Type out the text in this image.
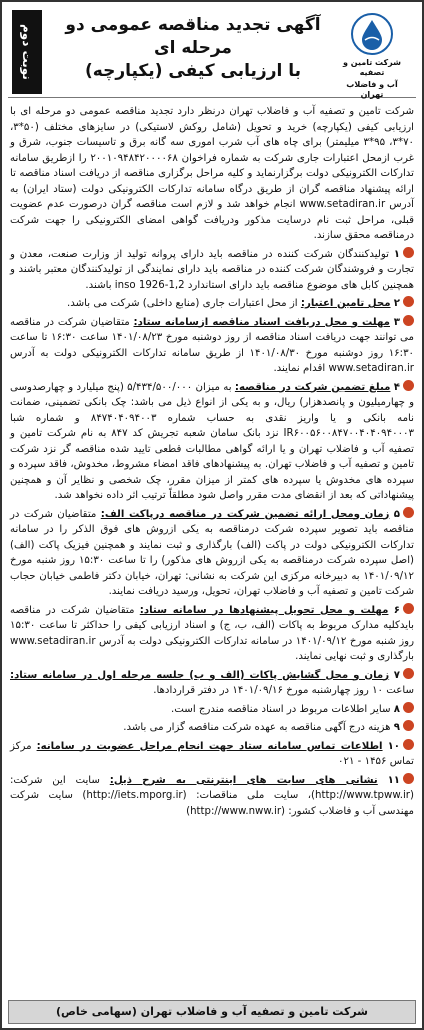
شرکت تامین و تصفیه
آب و فاضلاب تهران
آگهی تجدید مناقصه عمومی دو مرحله ای
با ارزیابی کیفی (یکپارچه)
نوبت دوم

شرکت تامین و تصفیه آب و فاضلاب تهران درنظر دارد تجدید مناقصه عمومی دو مرحله ای با ارزیابی کیفی (یکپارچه) خرید و تحویل (شامل روکش لاستیکی) در سایزهای مختلف (۵۰*۳، ۷۰*۳، ۹۵*۳ میلیمتر) برای چاه های آب شرب اموری سه گانه برق و تاسیسات جنوب، شرق و غرب ازمحل اعتبارات جاری شرکت به شماره فراخوان ۲۰۰۱۰۹۴۸۴۲۰۰۰۰۶۸ را ازطریق سامانه تدارکات الکترونیکی دولت برگزارنماید و کلیه مراحل برگزاری مناقصه از دریافت اسناد مناقصه تا ارائه پیشنهاد مناقصه گران از طریق درگاه سامانه تدارکات الکترونیکی دولت (ستاد ایران) به آدرس www.setadiran.ir انجام خواهد شد و لازم است مناقصه گران درصورت عدم عضویت قبلی، مراحل ثبت نام درسایت مذکور ودریافت گواهی امضای الکترونیکی را جهت شرکت درمناقصه محقق سازند.

۱ تولیدکنندگان شرکت کننده در مناقصه باید دارای پروانه تولید از وزارت صنعت، معدن و تجارت و فروشندگان شرکت کننده در مناقصه باید دارای نمایندگی از تولیدکنندگان معتبر باشند و همچنین کابل های موضوع مناقصه باید دارای استاندارد inso 1926-1,2 باشند.

۲ محل تامین اعتبار: از محل اعتبارات جاری (منابع داخلی) شرکت می باشد.

۳ مهلت و محل دریافت اسناد مناقصه ازسامانه ستاد: متقاضیان شرکت در مناقصه می توانند جهت دریافت اسناد مناقصه از روز دوشنبه مورخ ۱۴۰۱/۰۸/۲۳ ساعت ۱۶:۳۰ تا ساعت ۱۶:۳۰ روز دوشنبه مورخ ۱۴۰۱/۰۸/۳۰ از طریق سامانه تدارکات الکترونیکی دولت به آدرس www.setadiran.ir اقدام نمایند.

۴ مبلغ تضمین شرکت در مناقصه: به میزان ۵/۴۳۴/۵۰۰/۰۰۰ (پنج میلیارد و چهارصدوسی و چهارمیلیون و پانصدهزار) ریال، و به یکی از انواع ذیل می باشد: چک بانکی تضمینی، ضمانت نامه بانکی و یا واریز نقدی به حساب شماره ۸۴۷۴۰۴۰۹۴۰۰۳ و شماره شبا IR۶۰۰۵۶۰۰۸۴۷۰۰۴۰۴۰۹۴۰۰۰۳ نزد بانک سامان شعبه تجریش کد ۸۴۷ به نام شرکت تامین و تصفیه آب و فاضلاب تهران و یا ارائه گواهی مطالبات قطعی تایید شده مناقصه گر نزد شرکت تامین و تصفیه آب و فاضلاب تهران. به پیشنهادهای فاقد امضاء مشروط، مخدوش، فاقد سپرده و سپرده های مخدوش یا سپرده های کمتر از میزان مقرر، چک شخصی و نظایر آن و همچنین پیشنهاداتی که بعد از انقضای مدت مقرر واصل شود مطلقاً ترتیب اثر داده نخواهد شد.

۵ زمان ومحل ارائه تضمین شرکت در مناقصه درپاکت الف: متقاضیان شرکت در مناقصه باید تصویر سپرده شرکت درمناقصه به یکی ازروش های فوق الذکر را در سامانه تدارکات الکترونیکی دولت در پاکت (الف) بارگذاری و ثبت نمایند و همچنین فیزیک پاکت (الف) (اصل سپرده شرکت درمناقصه به یکی ازروش های مذکور) را تا ساعت ۱۵:۳۰ روز شنبه مورخ ۱۴۰۱/۰۹/۱۲ به دبیرخانه مرکزی این شرکت به نشانی: تهران، خیابان دکتر فاطمی خیابان حجاب شرکت تامین و تصفیه آب و فاضلاب تهران، تحویل، ورسید دریافت نمایند.

۶ مهلت و محل تحویل پیشنهادها در سامانه ستاد: متقاضیان شرکت در مناقصه بایدکلیه مدارک مربوط به پاکات (الف، ب، ج) و اسناد ارزیابی کیفی را حداکثر تا ساعت ۱۵:۳۰ روز شنبه مورخ ۱۴۰۱/۰۹/۱۲ در سامانه تدارکات الکترونیکی دولت به آدرس www.setadiran.ir بارگذاری و ثبت نهایی نمایند.

۷ زمان و محل گشایش پاکات (الف و ب) جلسه مرحله اول در سامانه ستاد: ساعت ۱۰ روز چهارشنبه مورخ ۱۴۰۱/۰۹/۱۶ در دفتر قراردادها.

۸ سایر اطلاعات مربوط در اسناد مناقصه مندرج است.

۹ هزینه درج آگهی مناقصه به عهده شرکت مناقصه گزار می باشد.

۱۰ اطلاعات تماس سامانه ستاد جهت انجام مراحل عضویت در سامانه: مرکز تماس ۱۴۵۶ - ۰۲۱

۱۱ نشانی های سایت های اینترنتی به شرح ذیل: سایت این شرکت: (http://www.tpww.ir)، سایت ملی مناقصات: (http://iets.mporg.ir) سایت شرکت مهندسی آب و فاضلاب کشور: (http://www.nww.ir)

شرکت تامین و تصفیه آب و فاضلاب تهران (سهامی خاص)
